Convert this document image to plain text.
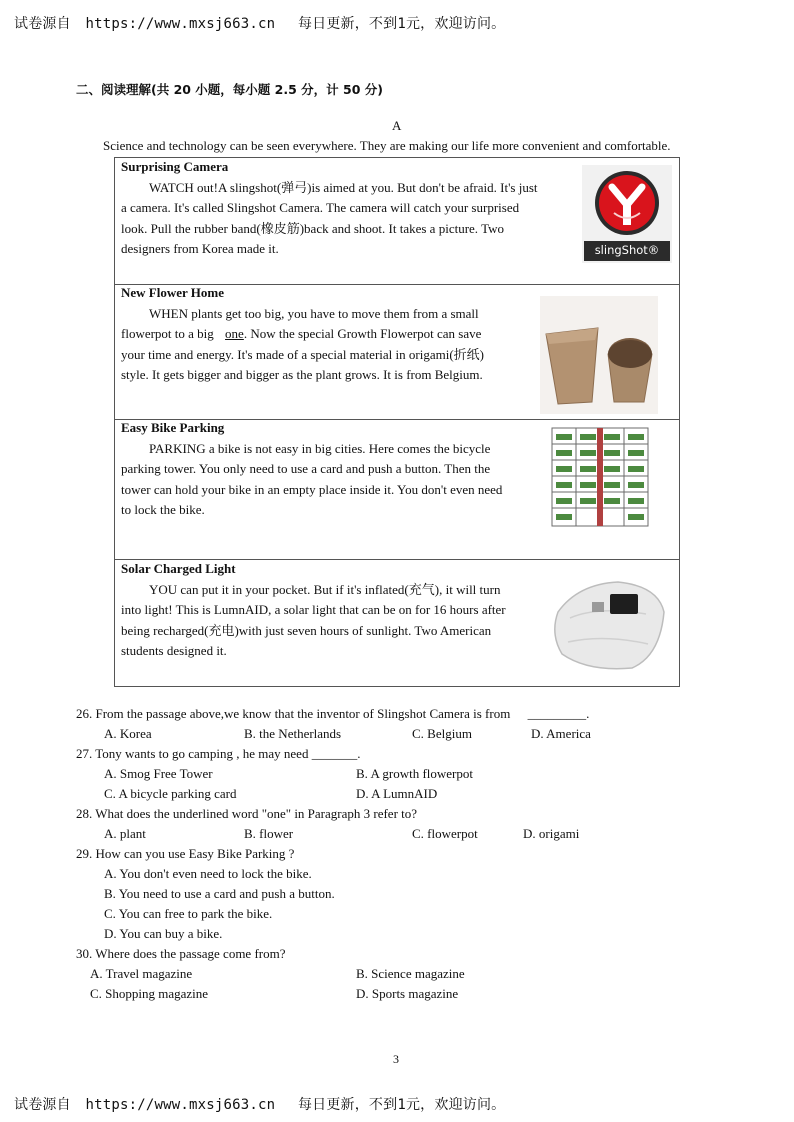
试卷源自 https://www.mxsj663.cn 每日更新，不到1元，欢迎访问。
二、阅读理解(共 20 小题，每小题 2.5 分，计 50 分)
A
Science and technology can be seen everywhere. They are making our life more convenient and comfortable.
Surprising Camera
WATCH out!A slingshot(弹弓)is aimed at you. But don't be afraid. It's just
a camera. It's called Slingshot Camera. The camera will catch your surprised
look. Pull the rubber band(橡皮筋)back and shoot. It takes a picture. Two
designers from Korea made it.	slingShot®
New Flower Home
WHEN plants get too big, you have to move them from a small
flowerpot to a big one. Now the special Growth Flowerpot can save
your time and energy. It's made of a special material in origami(折纸)
style. It gets bigger and bigger as the plant grows. It is from Belgium.
Easy Bike Parking
PARKING a bike is not easy in big cities. Here comes the bicycle
parking tower. You only need to use a card and push a button. Then the
tower can hold your bike in an empty place inside it. You don't even need
to lock the bike.
Solar Charged Light
YOU can put it in your pocket. But if it's inflated(充气), it will turn
into light! This is LumnAID, a solar light that can be on for 16 hours after
being recharged(充电)with just seven hours of sunlight. Two American
students designed it.
26. From the passage above,we know that the inventor of Slingshot Camera is from _________.
A. Korea	B. the Netherlands	C. Belgium	D. America
27. Tony wants to go camping , he may need _______.
A. Smog Free Tower	B. A growth flowerpot
C. A bicycle parking card	D. A LumnAID
28. What does the underlined word "one" in Paragraph 3 refer to?
A. plant	B. flower	C. flowerpot	D. origami
29. How can you use Easy Bike Parking ?
A. You don't even need to lock the bike.
B. You need to use a card and push a button.
C. You can free to park the bike.
D. You can buy a bike.
30. Where does the passage come from?
A. Travel magazine	B. Science magazine
C. Shopping magazine	D. Sports magazine
3
试卷源自 https://www.mxsj663.cn 每日更新，不到1元，欢迎访问。
